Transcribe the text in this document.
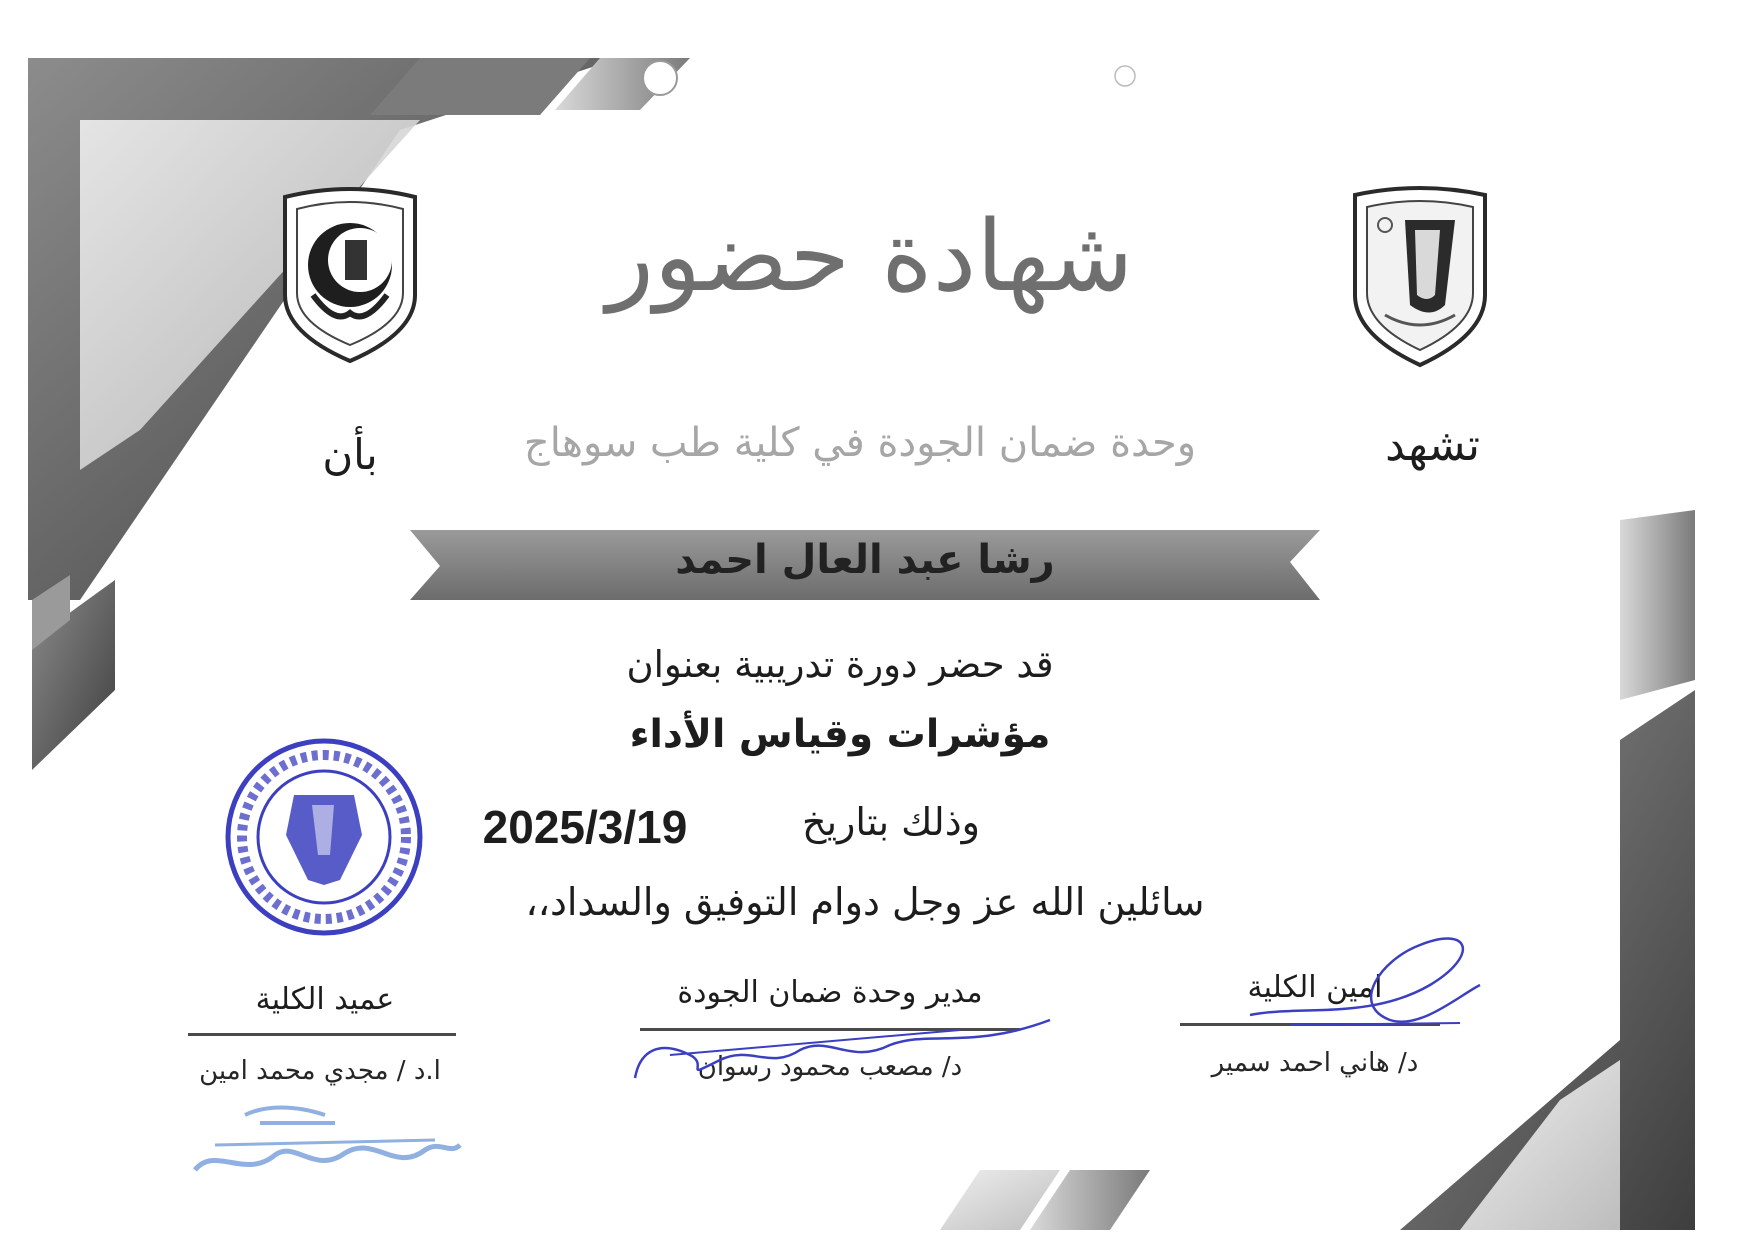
شهادة حضور
تشهد
وحدة ضمان الجودة في كلية طب سوهاج
بأن
رشا عبد العال احمد
قد حضر دورة تدريبية بعنوان
مؤشرات وقياس الأداء
وذلك بتاريخ
2025/3/19
سائلين الله عز وجل دوام التوفيق والسداد،،
امين الكلية
د/ هاني احمد سمير
مدير وحدة ضمان الجودة
د/ مصعب محمود رسوان
عميد الكلية
ا.د / مجدي محمد امين
